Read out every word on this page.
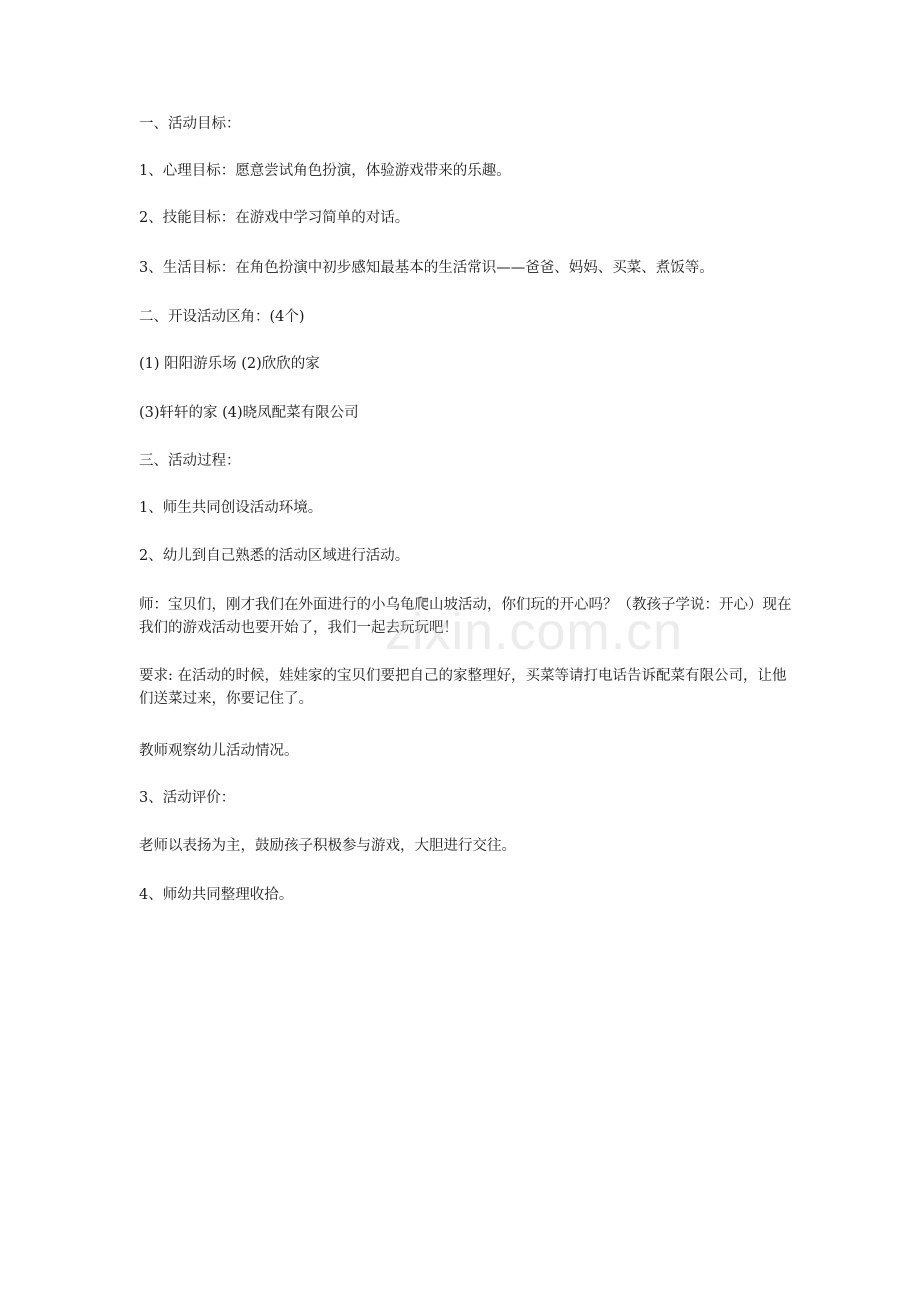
一、活动目标：
1、心理目标：愿意尝试角色扮演，体验游戏带来的乐趣。
2、技能目标：在游戏中学习简单的对话。
3、生活目标：在角色扮演中初步感知最基本的生活常识——爸爸、妈妈、买菜、煮饭等。
二、开设活动区角：(4个)
(1) 阳阳游乐场 (2)欣欣的家
(3)轩轩的家 (4)晓凤配菜有限公司
三、活动过程：
1、师生共同创设活动环境。
2、幼儿到自己熟悉的活动区域进行活动。
师：宝贝们，刚才我们在外面进行的小乌龟爬山坡活动，你们玩的开心吗？（教孩子学说：开心）现在我们的游戏活动也要开始了，我们一起去玩玩吧！
要求: 在活动的时候，娃娃家的宝贝们要把自己的家整理好，买菜等请打电话告诉配菜有限公司，让他们送菜过来，你要记住了。
教师观察幼儿活动情况。
3、活动评价：
老师以表扬为主，鼓励孩子积极参与游戏，大胆进行交往。
4、师幼共同整理收拾。
zixin.com.cn
